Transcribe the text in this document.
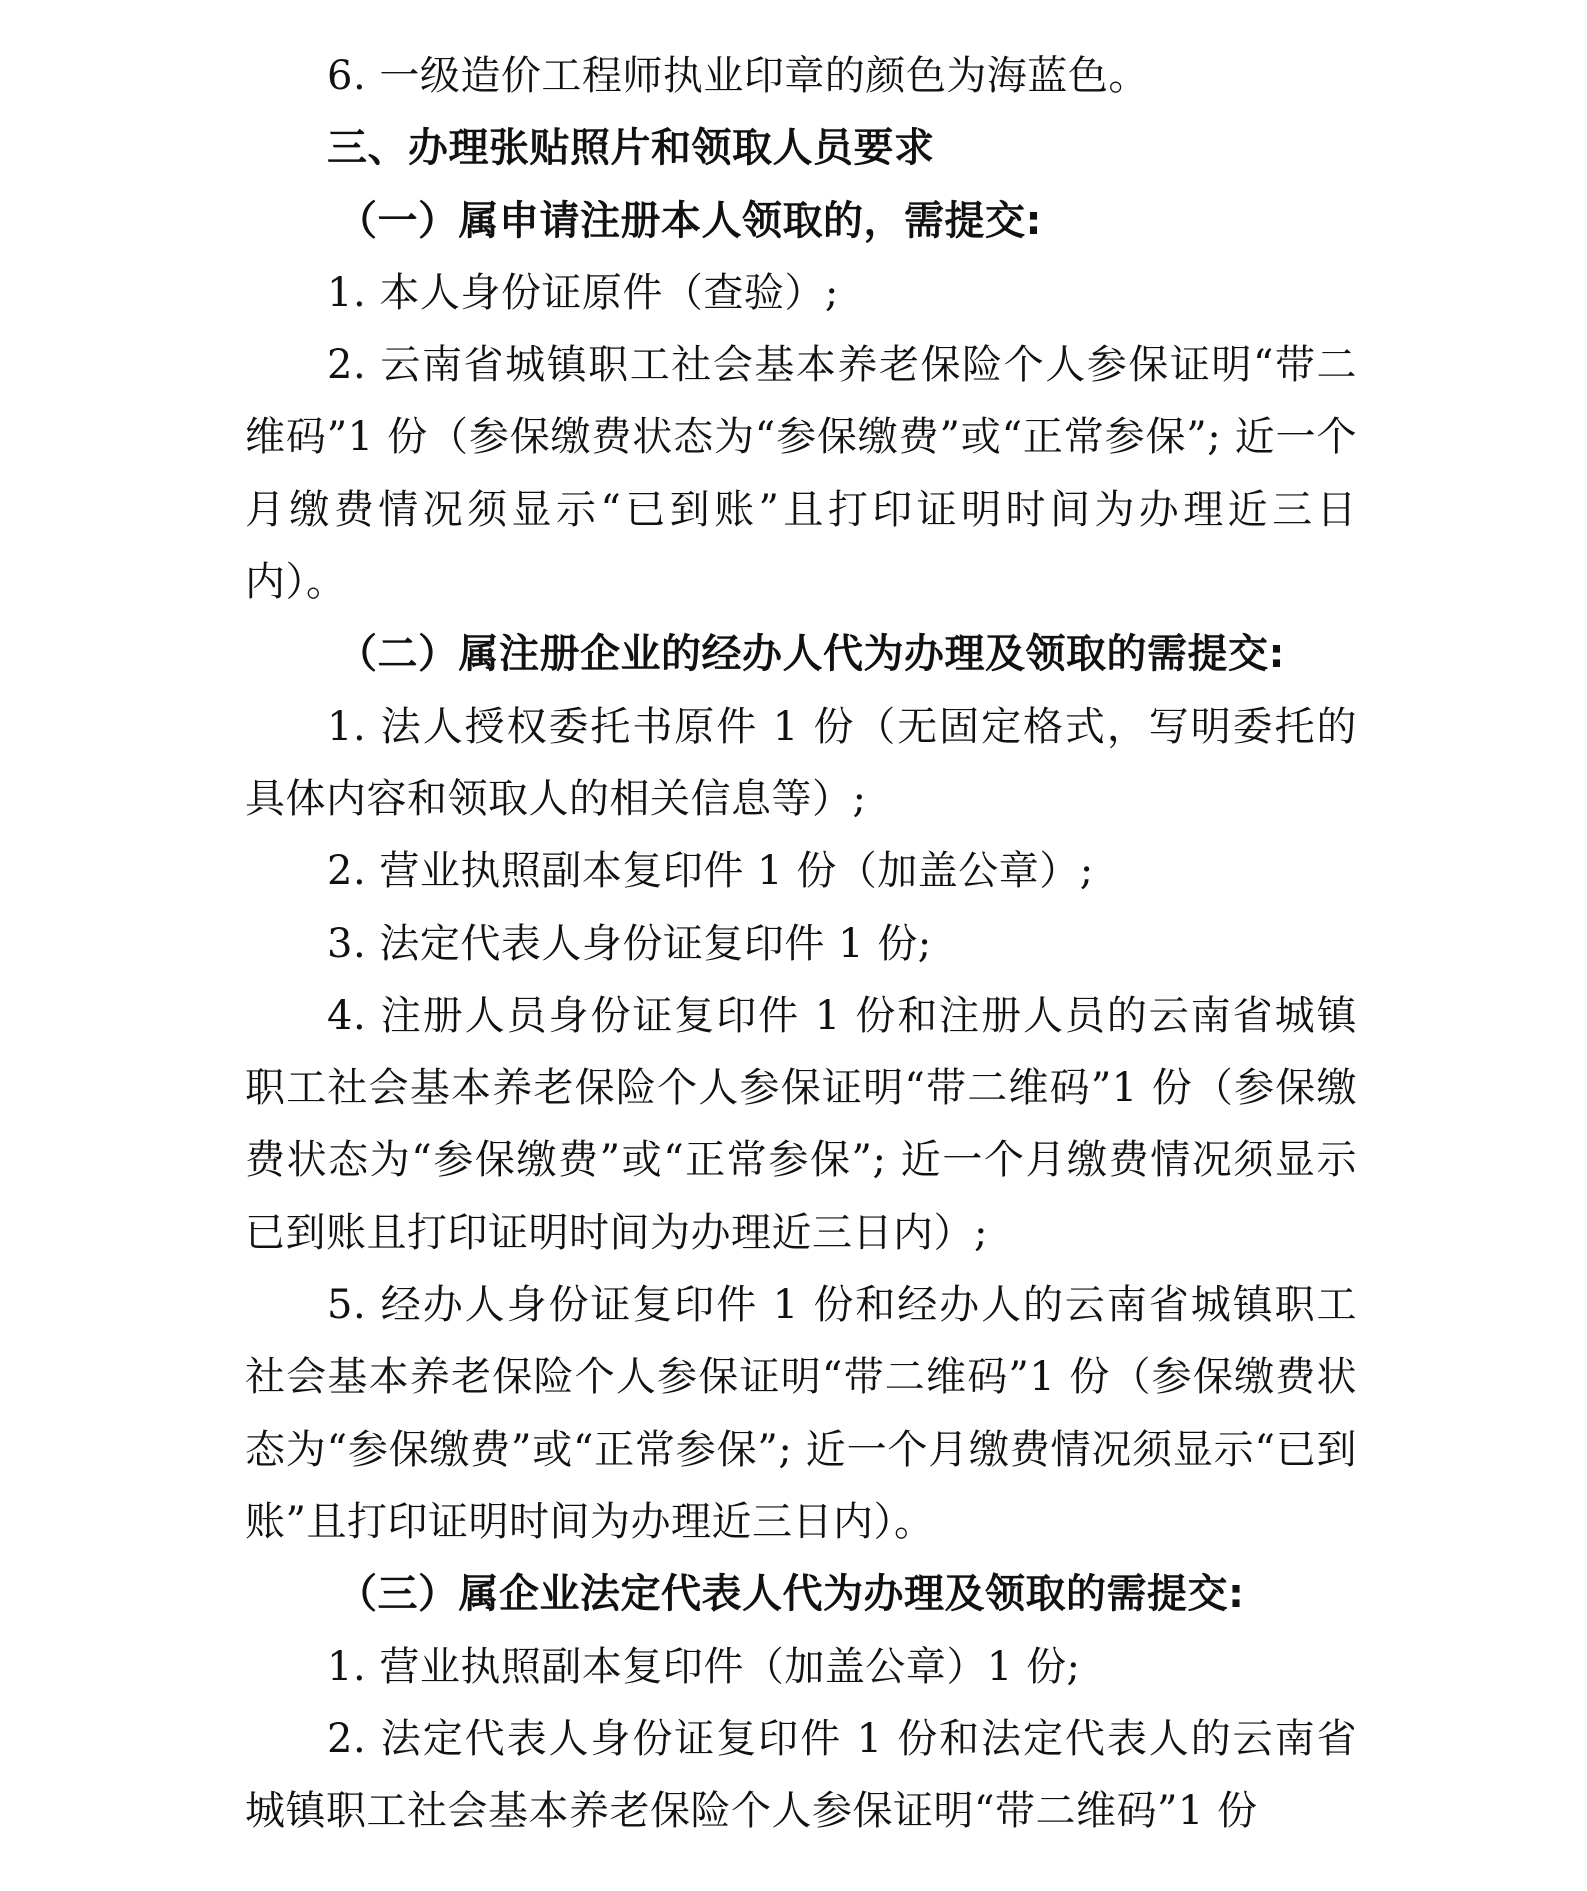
6. 一级造价工程师执业印章的颜色为海蓝色。

三、办理张贴照片和领取人员要求

（一）属申请注册本人领取的，需提交:

1. 本人身份证原件（查验）;

2. 云南省城镇职工社会基本养老保险个人参保证明“带二维码”1 份（参保缴费状态为“参保缴费”或“正常参保”; 近一个月缴费情况须显示“已到账”且打印证明时间为办理近三日内）。

（二）属注册企业的经办人代为办理及领取的需提交:

1. 法人授权委托书原件 1 份（无固定格式，写明委托的具体内容和领取人的相关信息等）;

2. 营业执照副本复印件 1 份（加盖公章）;

3. 法定代表人身份证复印件 1 份;

4. 注册人员身份证复印件 1 份和注册人员的云南省城镇职工社会基本养老保险个人参保证明“带二维码”1 份（参保缴费状态为“参保缴费”或“正常参保”; 近一个月缴费情况须显示已到账且打印证明时间为办理近三日内）;

5. 经办人身份证复印件 1 份和经办人的云南省城镇职工社会基本养老保险个人参保证明“带二维码”1 份（参保缴费状态为“参保缴费”或“正常参保”; 近一个月缴费情况须显示“已到账”且打印证明时间为办理近三日内）。

（三）属企业法定代表人代为办理及领取的需提交:

1. 营业执照副本复印件（加盖公章）1 份;

2. 法定代表人身份证复印件 1 份和法定代表人的云南省城镇职工社会基本养老保险个人参保证明“带二维码”1 份
